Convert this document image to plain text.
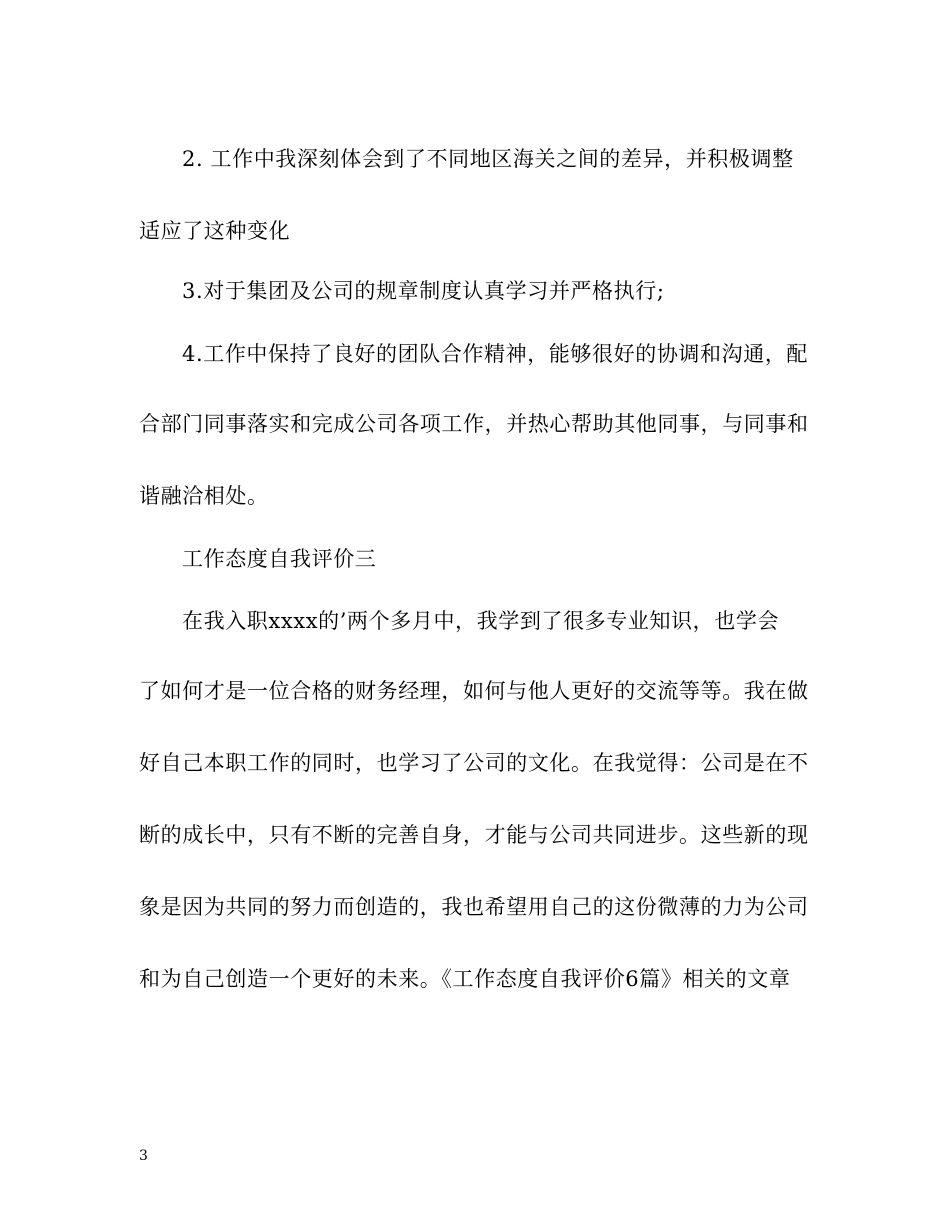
2. 工作中我深刻体会到了不同地区海关之间的差异，并积极调整
适应了这种变化
3.对于集团及公司的规章制度认真学习并严格执行;
4.工作中保持了良好的团队合作精神，能够很好的协调和沟通，配
合部门同事落实和完成公司各项工作，并热心帮助其他同事，与同事和
谐融洽相处。
工作态度自我评价三
在我入职xxxx的’两个多月中，我学到了很多专业知识，也学会
了如何才是一位合格的财务经理，如何与他人更好的交流等等。我在做
好自己本职工作的同时，也学习了公司的文化。在我觉得：公司是在不
断的成长中，只有不断的完善自身，才能与公司共同进步。这些新的现
象是因为共同的努力而创造的，我也希望用自己的这份微薄的力为公司
和为自己创造一个更好的未来。《工作态度自我评价6篇》相关的文章
3
